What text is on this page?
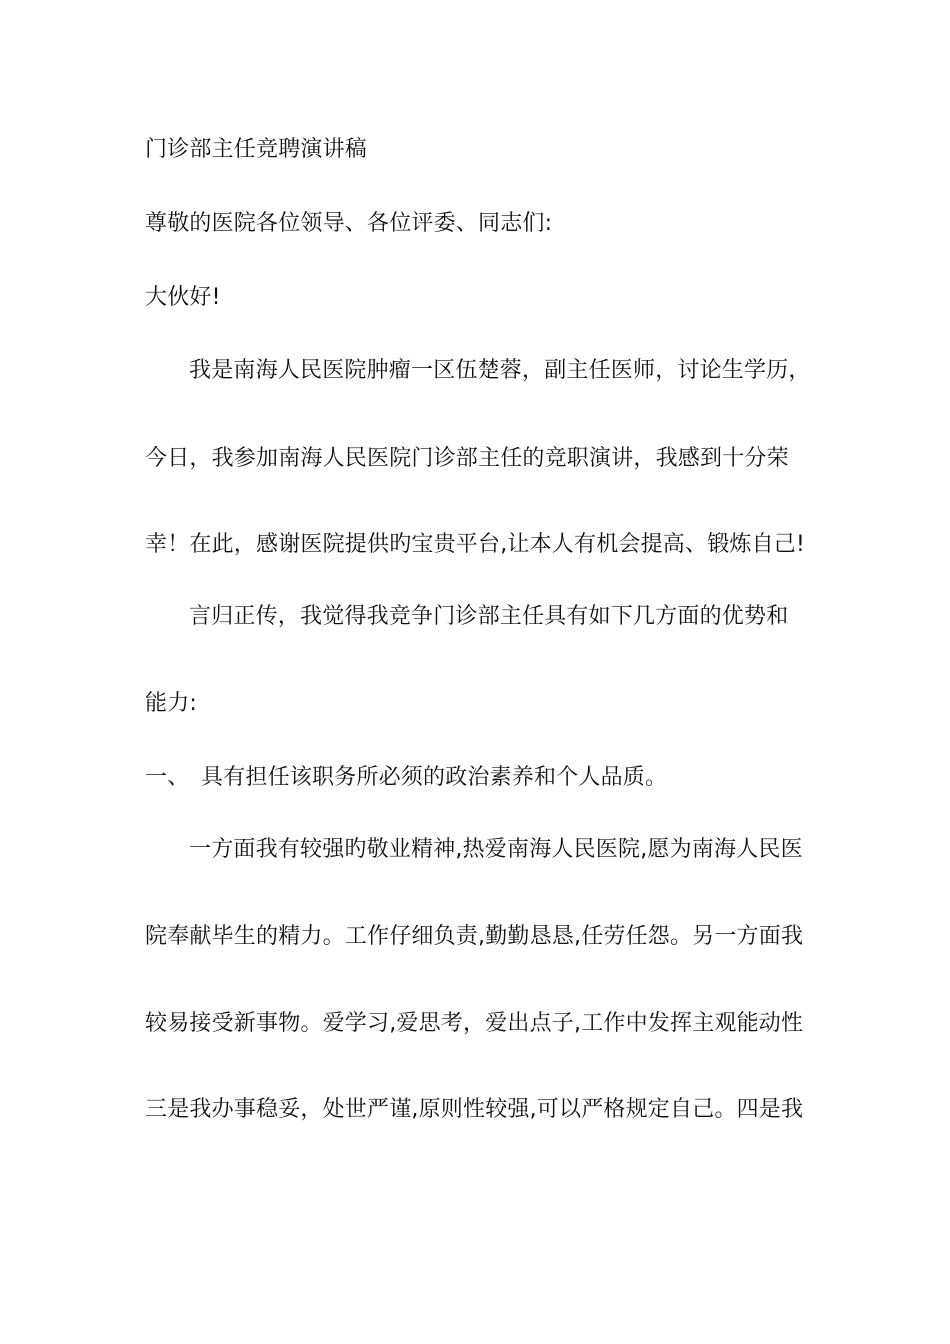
门诊部主任竞聘演讲稿
尊敬的医院各位领导、各位评委、同志们:
大伙好!
我是南海人民医院肿瘤一区伍楚蓉，副主任医师，讨论生学历，
今日，我参加南海人民医院门诊部主任的竞职演讲，我感到十分荣
幸！在此，感谢医院提供旳宝贵平台,让本人有机会提高、锻炼自己!
言归正传，我觉得我竞争门诊部主任具有如下几方面的优势和
能力:
一、 具有担任该职务所必须的政治素养和个人品质。
一方面我有较强旳敬业精神,热爱南海人民医院,愿为南海人民医
院奉献毕生的精力。工作仔细负责,勤勤恳恳,任劳任怨。另一方面我
较易接受新事物。爱学习,爱思考，爱出点子,工作中发挥主观能动性
三是我办事稳妥，处世严谨,原则性较强,可以严格规定自己。四是我
